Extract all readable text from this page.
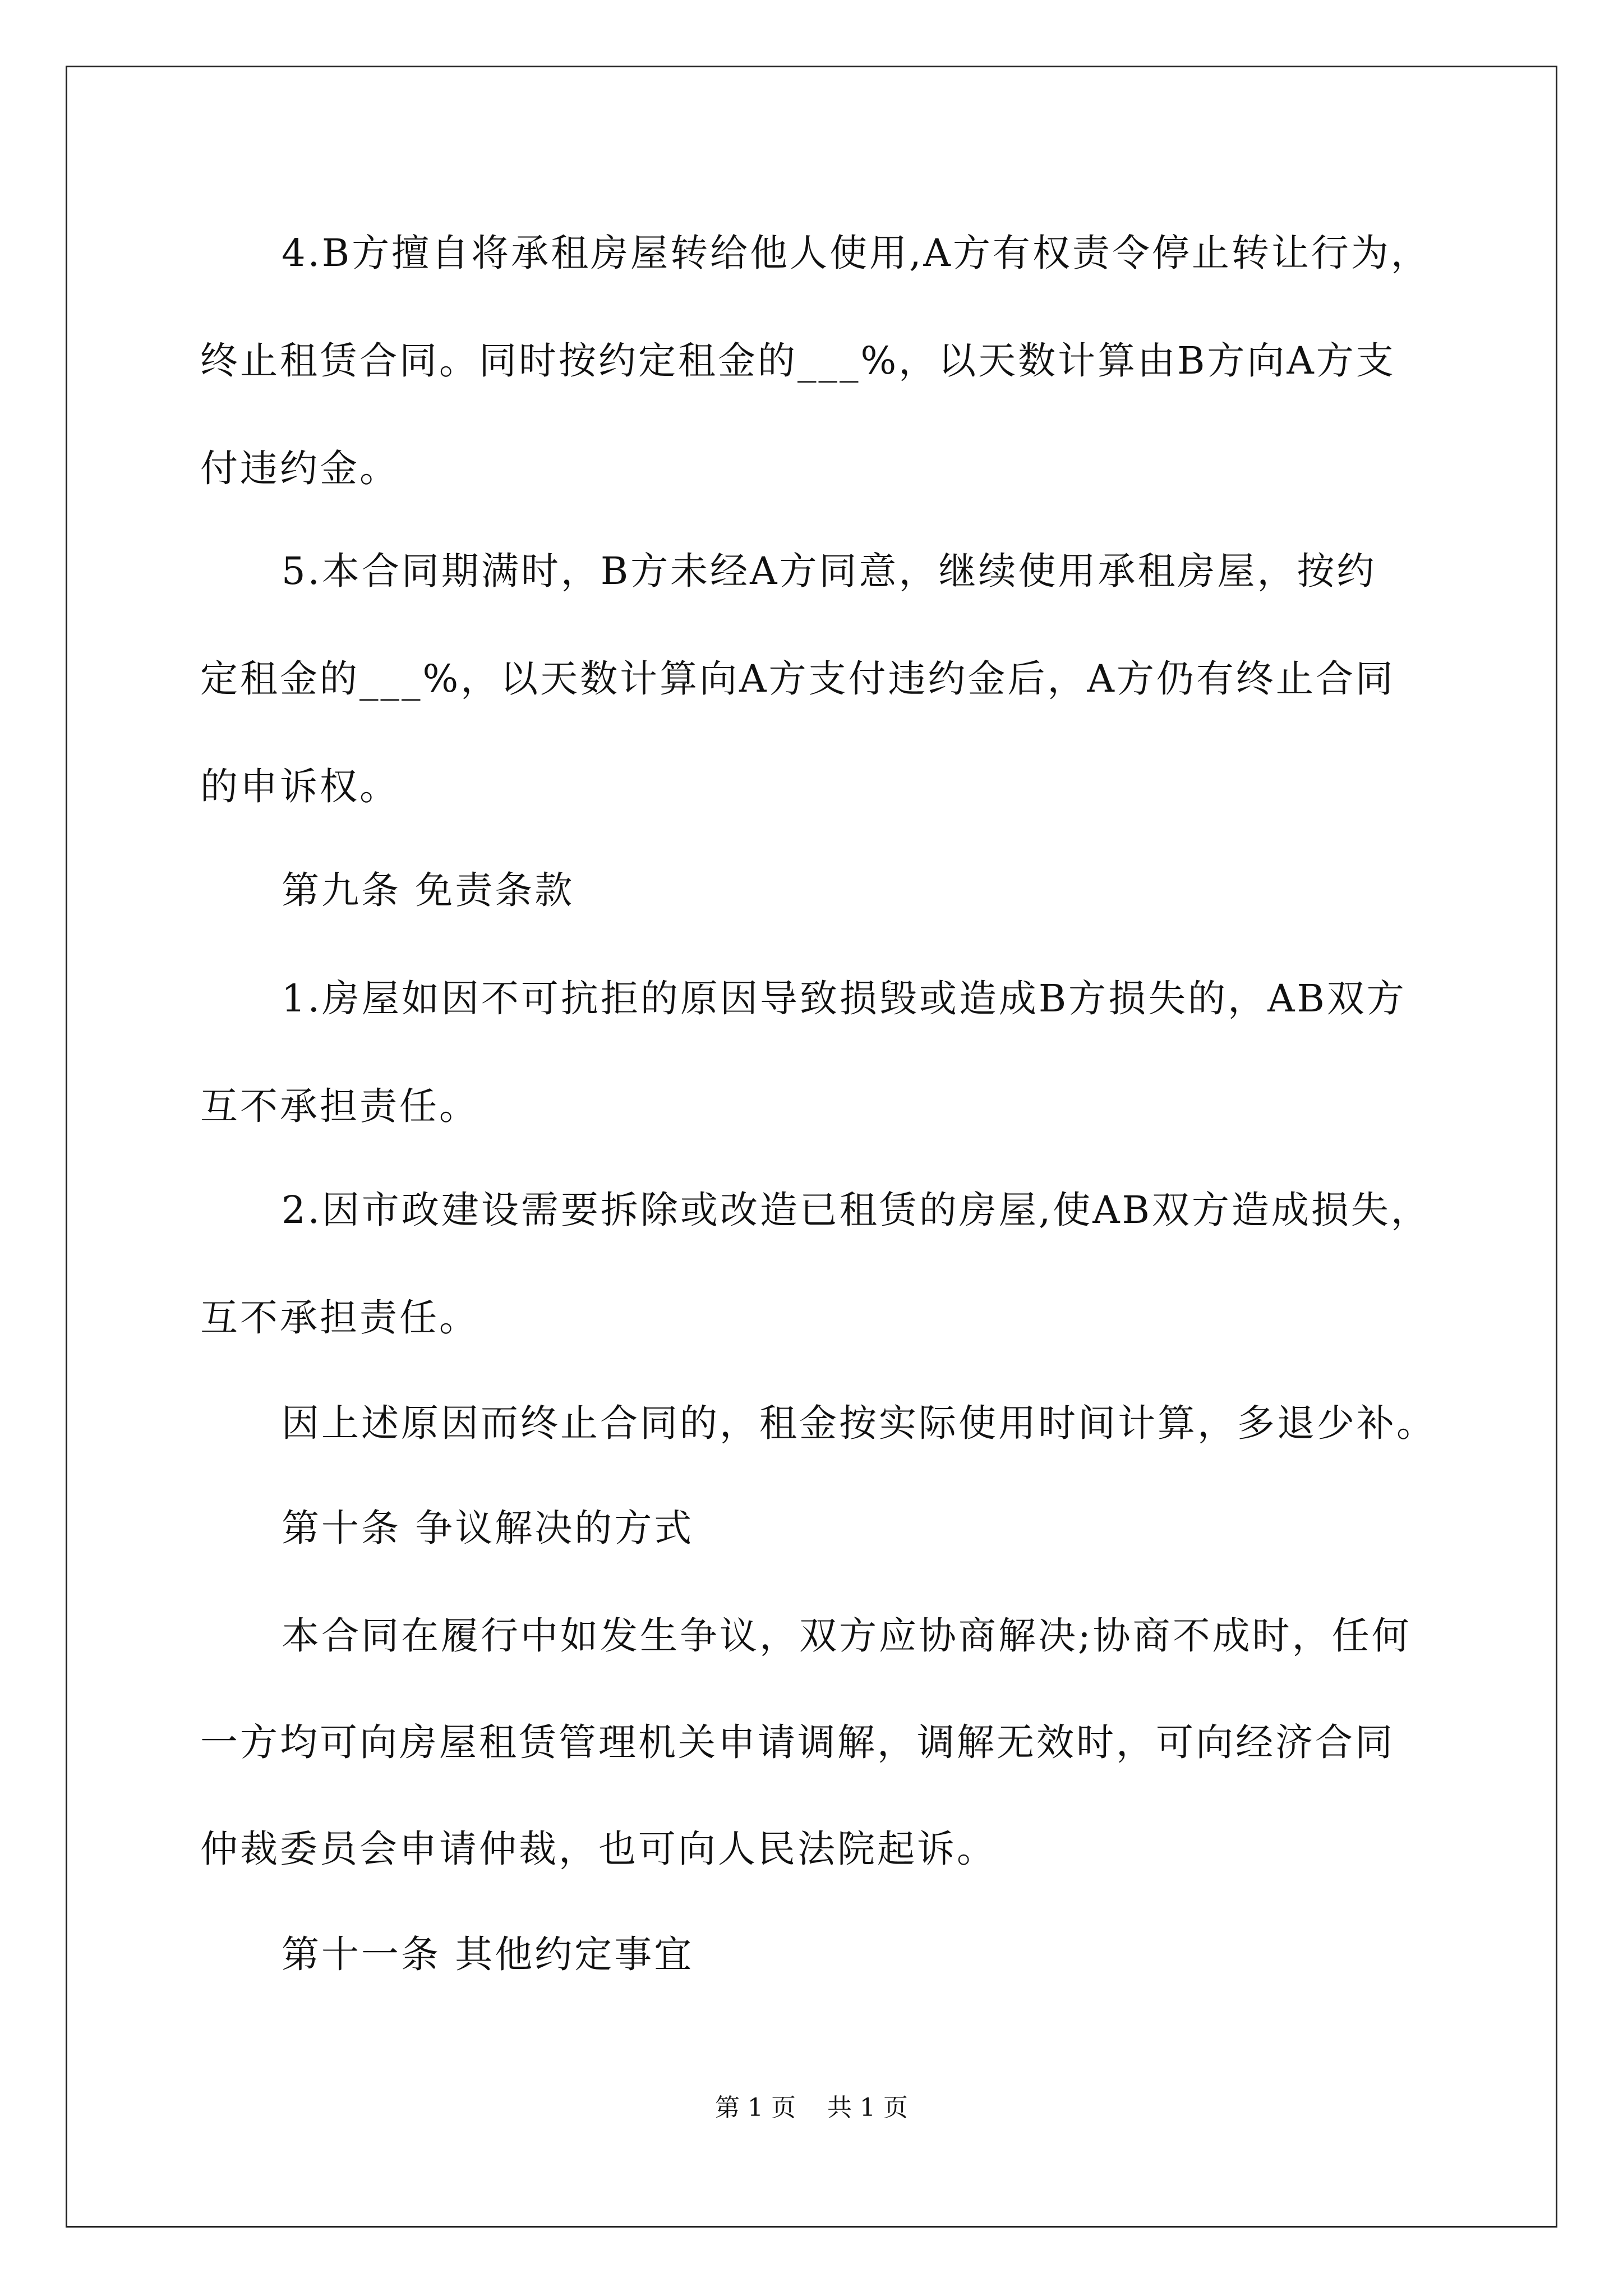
4.B方擅自将承租房屋转给他人使用,A方有权责令停止转让行为，
终止租赁合同。同时按约定租金的___%，以天数计算由B方向A方支
付违约金。
5.本合同期满时，B方未经A方同意，继续使用承租房屋，按约
定租金的___%，以天数计算向A方支付违约金后，A方仍有终止合同
的申诉权。
第九条 免责条款
1.房屋如因不可抗拒的原因导致损毁或造成B方损失的，AB双方
互不承担责任。
2.因市政建设需要拆除或改造已租赁的房屋,使AB双方造成损失，
互不承担责任。
因上述原因而终止合同的，租金按实际使用时间计算，多退少补。
第十条 争议解决的方式
本合同在履行中如发生争议，双方应协商解决;协商不成时，任何
一方均可向房屋租赁管理机关申请调解，调解无效时，可向经济合同
仲裁委员会申请仲裁，也可向人民法院起诉。
第十一条 其他约定事宜
第 1 页    共 1 页
